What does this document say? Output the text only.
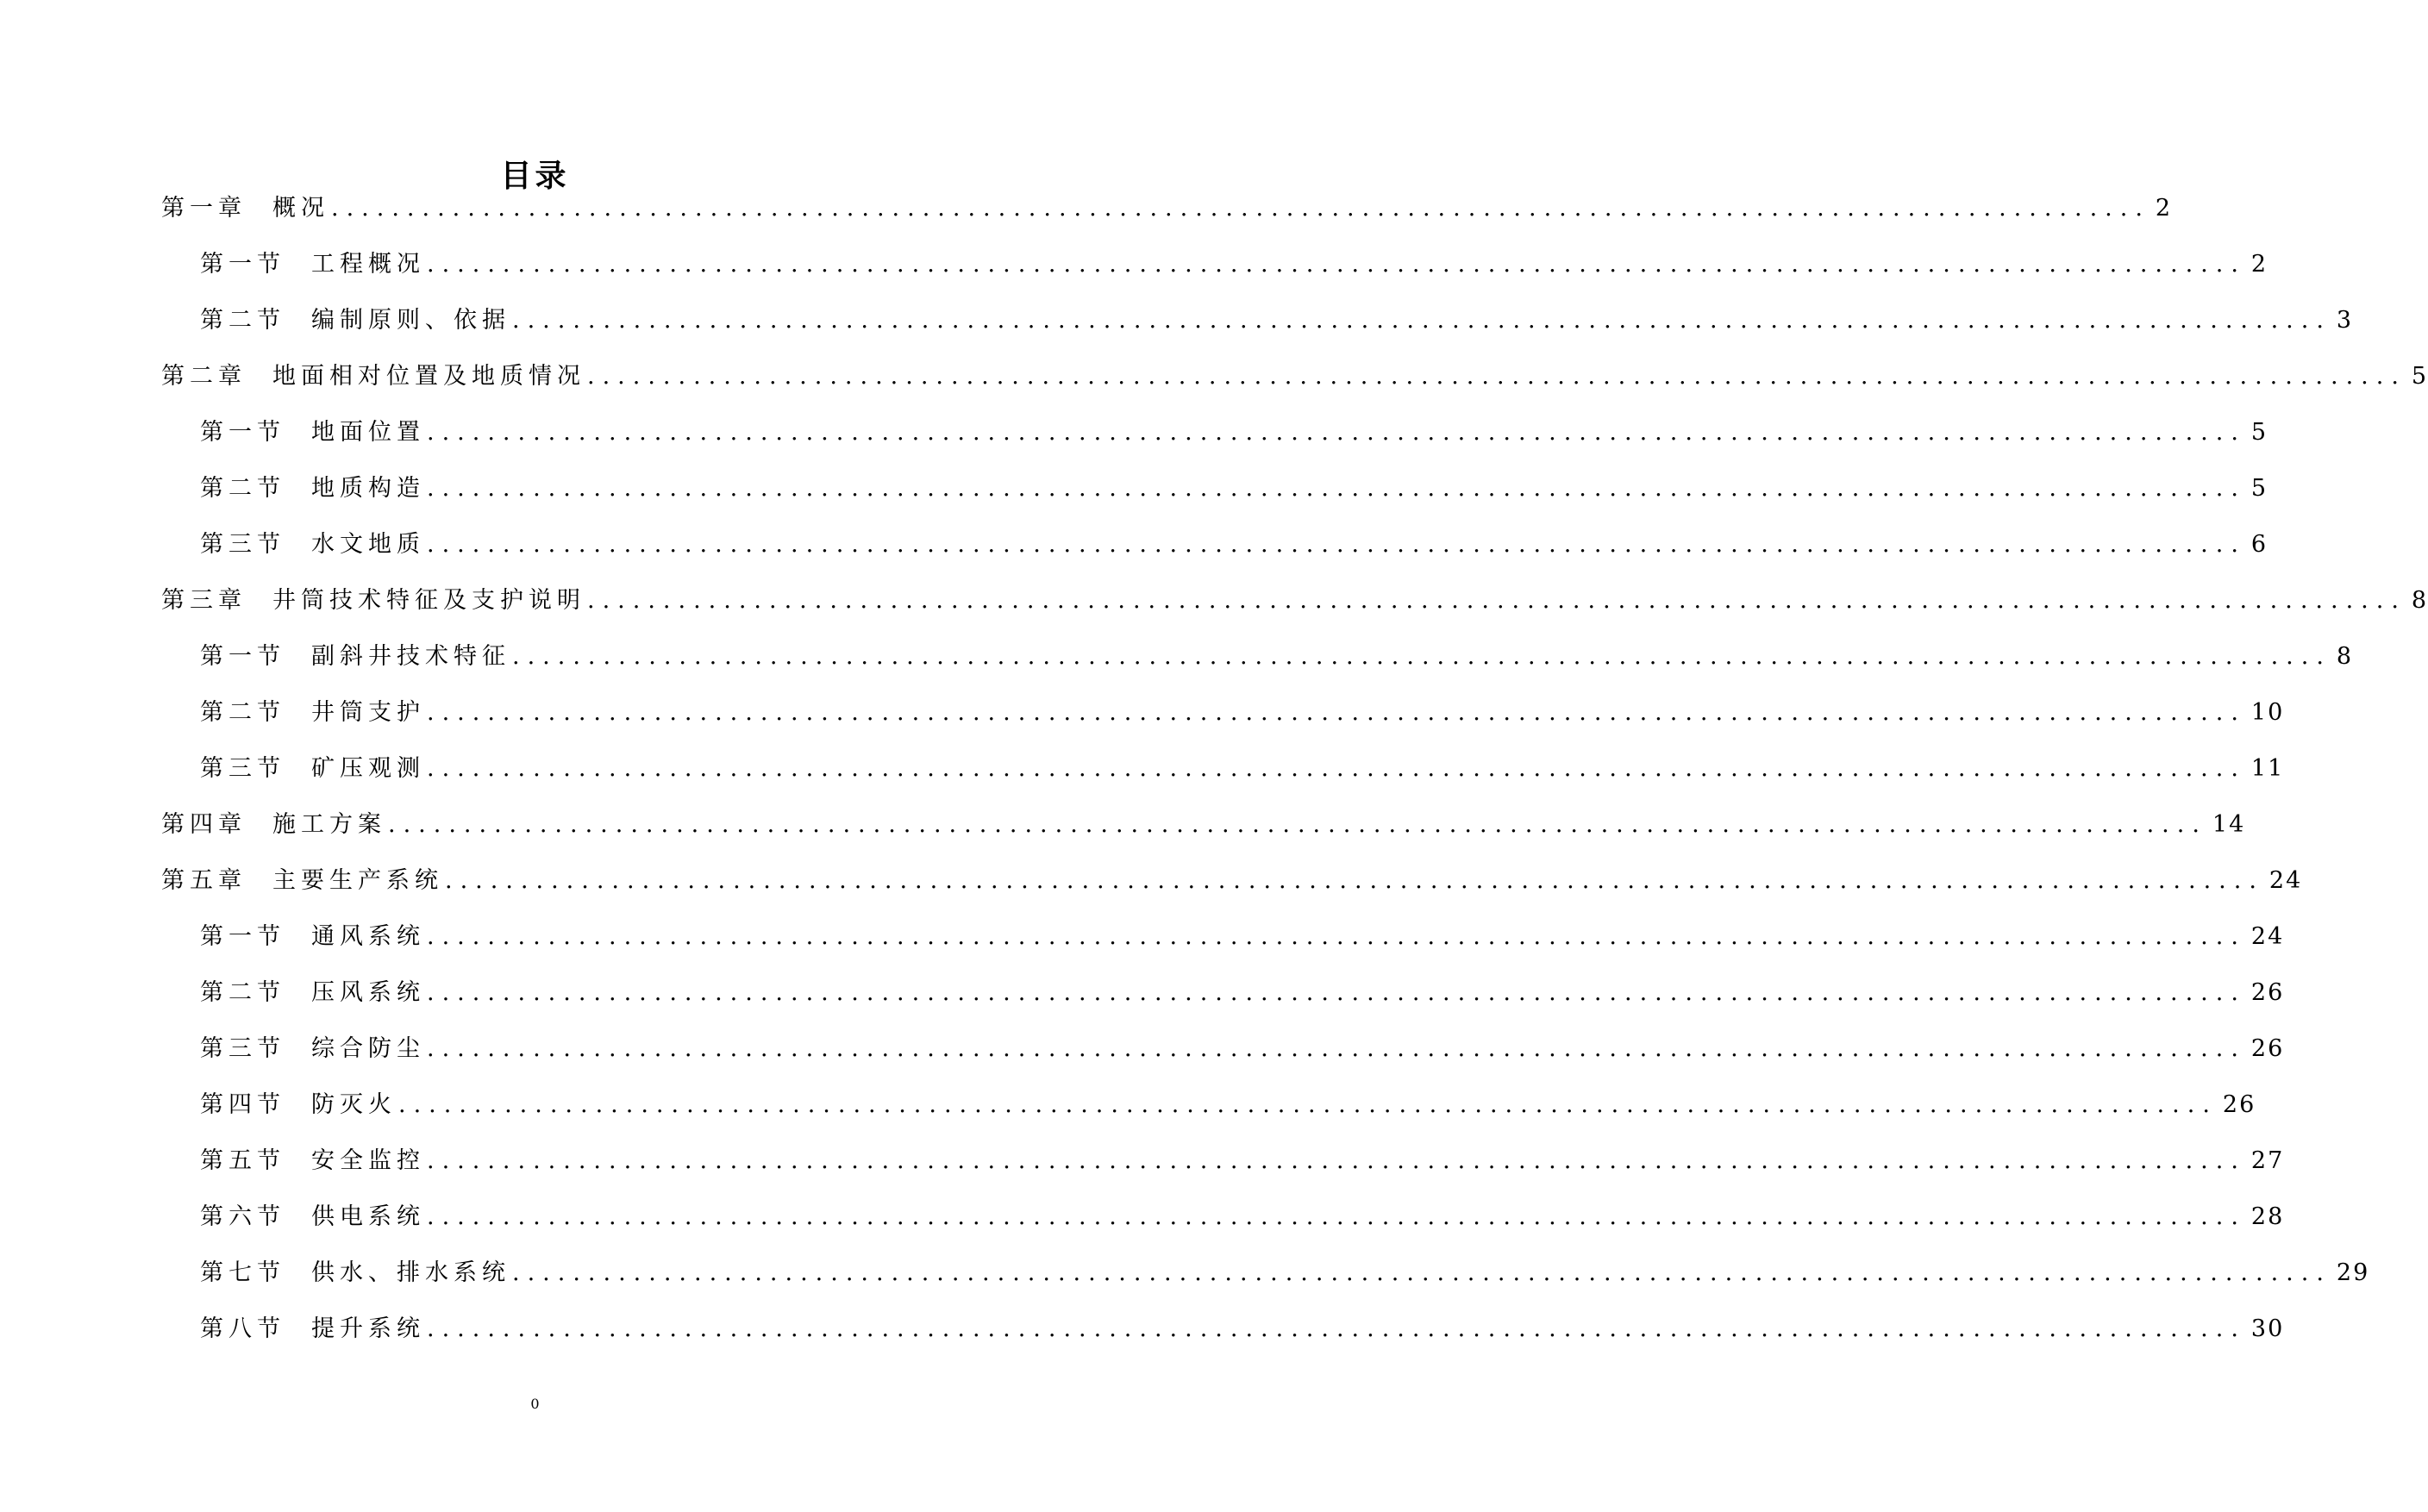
目录
第一章 概况 ........................................................................................................................ 2
第一节 工程概况 ........................................................................................................................ 2
第二节 编制原则、依据 ........................................................................................................................ 3
第二章 地面相对位置及地质情况 ........................................................................................................................ 5
第一节 地面位置 ........................................................................................................................ 5
第二节 地质构造 ........................................................................................................................ 5
第三节 水文地质 ........................................................................................................................ 6
第三章 井筒技术特征及支护说明 ........................................................................................................................ 8
第一节 副斜井技术特征 ........................................................................................................................ 8
第二节 井筒支护 ........................................................................................................................ 10
第三节 矿压观测 ........................................................................................................................ 11
第四章 施工方案 ........................................................................................................................ 14
第五章 主要生产系统 ........................................................................................................................ 24
第一节 通风系统 ........................................................................................................................ 24
第二节 压风系统 ........................................................................................................................ 26
第三节 综合防尘 ........................................................................................................................ 26
第四节 防灭火 ........................................................................................................................ 26
第五节 安全监控 ........................................................................................................................ 27
第六节 供电系统 ........................................................................................................................ 28
第七节 供水、排水系统 ........................................................................................................................ 29
第八节 提升系统 ........................................................................................................................ 30
0
